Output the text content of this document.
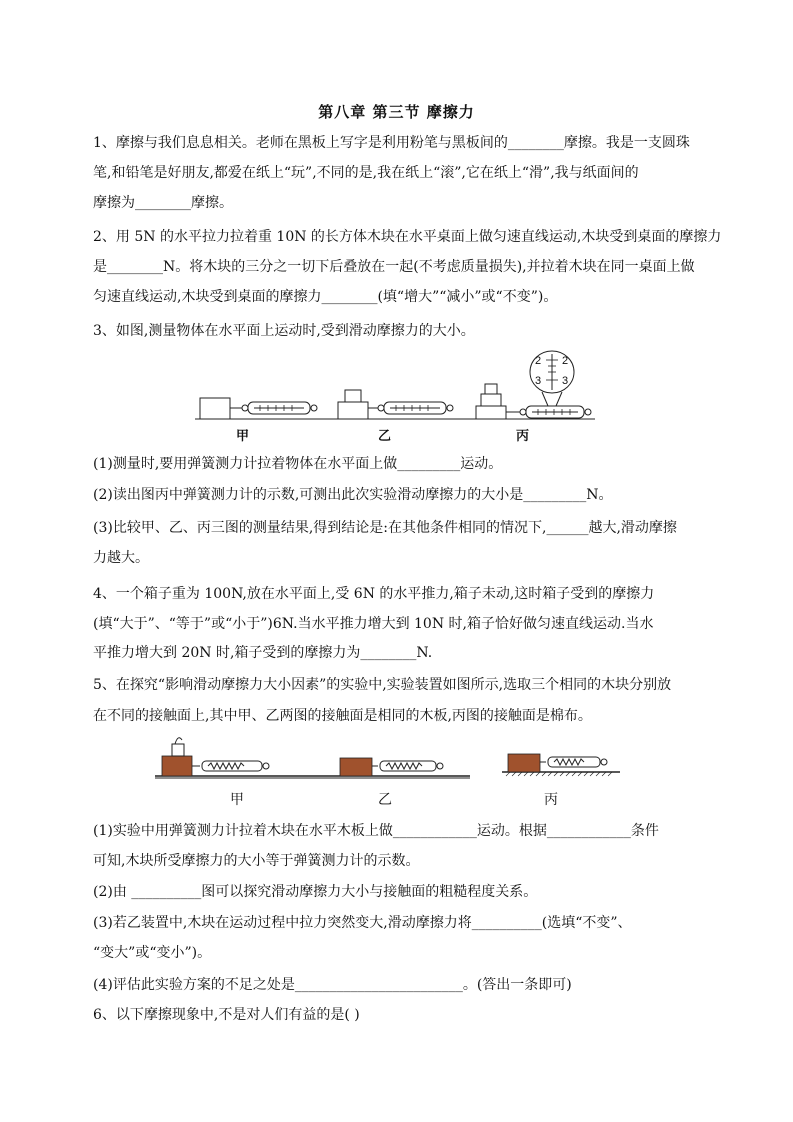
第八章 第三节 摩擦力
1、摩擦与我们息息相关。老师在黑板上写字是利用粉笔与黑板间的________摩擦。我是一支圆珠
笔,和铅笔是好朋友,都爱在纸上“玩”,不同的是,我在纸上“滚”,它在纸上“滑”,我与纸面间的
摩擦为________摩擦。
2、用 5N 的水平拉力拉着重 10N 的长方体木块在水平桌面上做匀速直线运动,木块受到桌面的摩擦力
是________N。将木块的三分之一切下后叠放在一起(不考虑质量损失),并拉着木块在同一桌面上做
匀速直线运动,木块受到桌面的摩擦力________(填“增大”“减小”或“不变”)。
3、如图,测量物体在水平面上运动时,受到滑动摩擦力的大小。
2 2
3 3
甲	乙	丙
(1)测量时,要用弹簧测力计拉着物体在水平面上做_________运动。
(2)读出图丙中弹簧测力计的示数,可测出此次实验滑动摩擦力的大小是_________N。
(3)比较甲、乙、丙三图的测量结果,得到结论是:在其他条件相同的情况下,______越大,滑动摩擦
力越大。
4、一个箱子重为 100N,放在水平面上,受 6N 的水平推力,箱子未动,这时箱子受到的摩擦力
(填“大于”、“等于”或“小于”)6N.当水平推力增大到 10N 时,箱子恰好做匀速直线运动.当水
平推力增大到 20N 时,箱子受到的摩擦力为________N.
5、在探究“影响滑动摩擦力大小因素”的实验中,实验装置如图所示,选取三个相同的木块分别放
在不同的接触面上,其中甲、乙两图的接触面是相同的木板,丙图的接触面是棉布。
甲	乙	丙
(1)实验中用弹簧测力计拉着木块在水平木板上做____________运动。根据____________条件
可知,木块所受摩擦力的大小等于弹簧测力计的示数。
(2)由 __________图可以探究滑动摩擦力大小与接触面的粗糙程度关系。
(3)若乙装置中,木块在运动过程中拉力突然变大,滑动摩擦力将__________(选填“不变”、
“变大”或“变小”)。
(4)评估此实验方案的不足之处是________________________。(答出一条即可)
6、以下摩擦现象中,不是对人们有益的是( )
